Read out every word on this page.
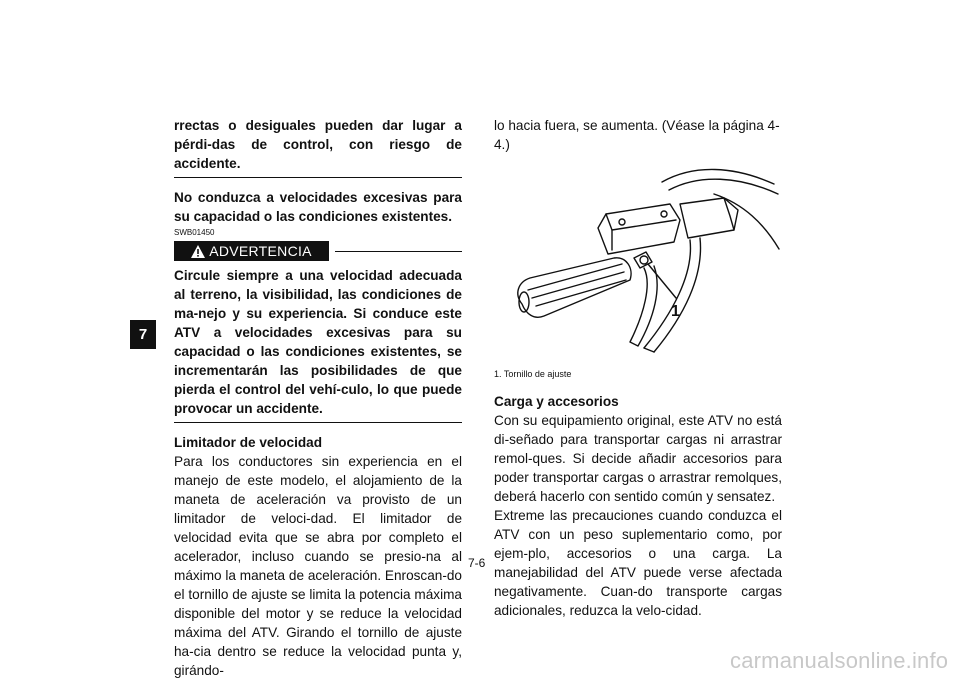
7
rrectas o desiguales pueden dar lugar a pérdi-das de control, con riesgo de accidente.
No conduzca a velocidades excesivas para su capacidad o las condiciones existentes.
SWB01450
ADVERTENCIA
Circule siempre a una velocidad adecuada al terreno, la visibilidad, las condiciones de ma-nejo y su experiencia. Si conduce este ATV a velocidades excesivas para su capacidad o las condiciones existentes, se incrementarán las posibilidades de que pierda el control del vehí-culo, lo que puede provocar un accidente.
Limitador de velocidad
Para los conductores sin experiencia en el manejo de este modelo, el alojamiento de la maneta de aceleración va provisto de un limitador de veloci-dad. El limitador de velocidad evita que se abra por completo el acelerador, incluso cuando se presio-na al máximo la maneta de aceleración. Enroscan-do el tornillo de ajuste se limita la potencia máxima disponible del motor y se reduce la velocidad máxima del ATV. Girando el tornillo de ajuste ha-cia dentro se reduce la velocidad punta y, girándo-
lo hacia fuera, se aumenta. (Véase la página 4-4.)
1
1. Tornillo de ajuste
Carga y accesorios
Con su equipamiento original, este ATV no está di-señado para transportar cargas ni arrastrar remol-ques. Si decide añadir accesorios para poder transportar cargas o arrastrar remolques, deberá hacerlo con sentido común y sensatez.
Extreme las precauciones cuando conduzca el ATV con un peso suplementario como, por ejem-plo, accesorios o una carga. La manejabilidad del ATV puede verse afectada negativamente. Cuan-do transporte cargas adicionales, reduzca la velo-cidad.
7-6
carmanualsonline.info
